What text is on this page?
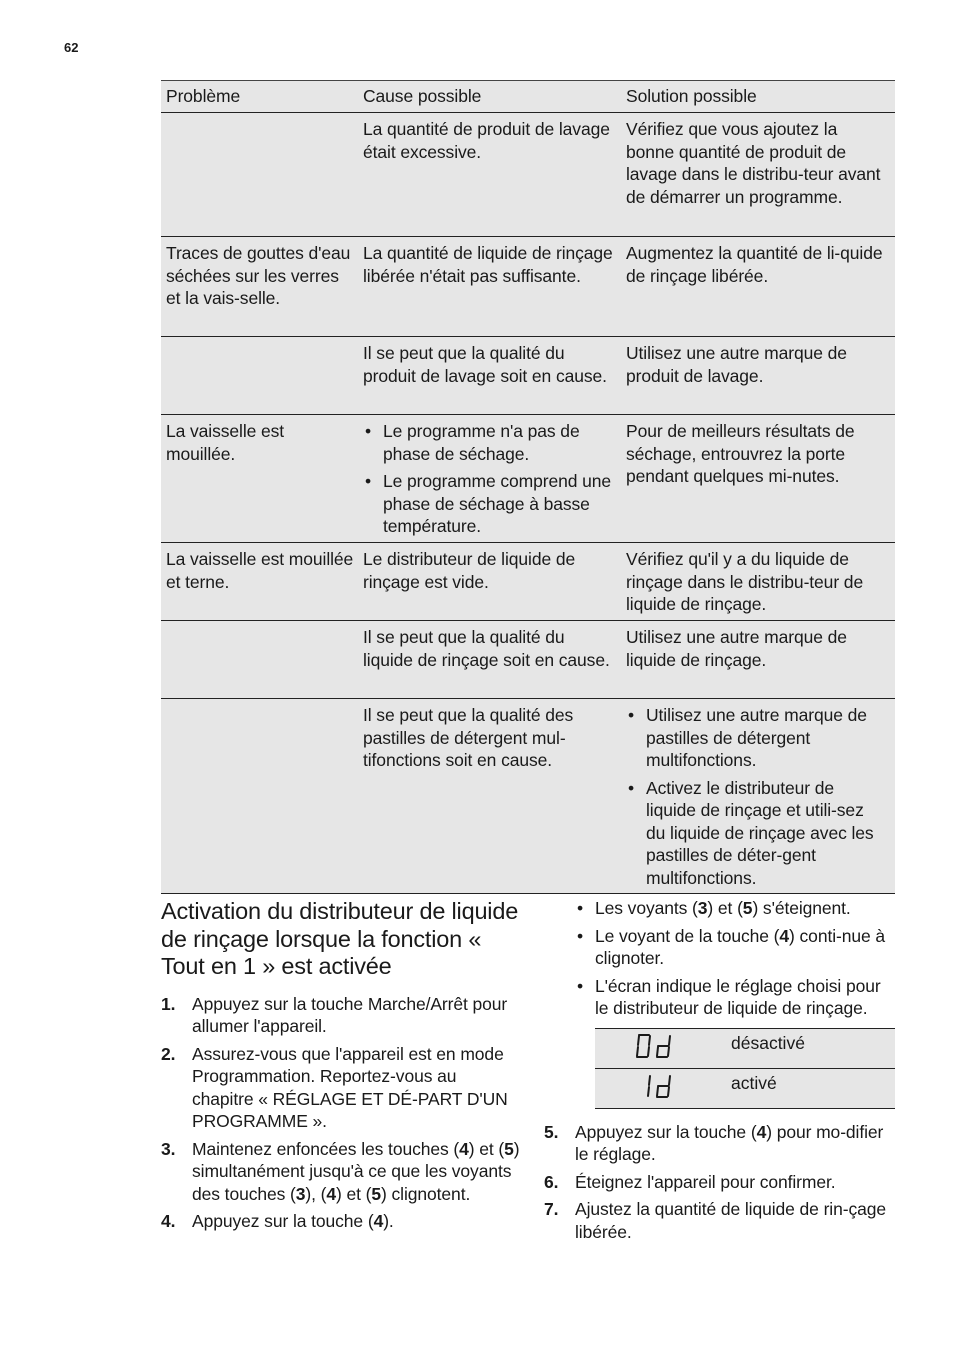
62
Problème	Cause possible	Solution possible
La quantité de produit de lavage était excessive.
Vérifiez que vous ajoutez la bonne quantité de produit de lavage dans le distribu-teur avant de démarrer un programme.
Traces de gouttes d'eau séchées sur les verres et la vais-selle.
La quantité de liquide de rinçage libérée n'était pas suffisante.
Augmentez la quantité de li-quide de rinçage libérée.
Il se peut que la qualité du produit de lavage soit en cause.
Utilisez une autre marque de produit de lavage.
La vaisselle est mouillée.
• Le programme n'a pas de phase de séchage.
• Le programme comprend une phase de séchage à basse température.
Pour de meilleurs résultats de séchage, entrouvrez la porte pendant quelques mi-nutes.
La vaisselle est mouillée et terne.
Le distributeur de liquide de rinçage est vide.
Vérifiez qu'il y a du liquide de rinçage dans le distribu-teur de liquide de rinçage.
Il se peut que la qualité du liquide de rinçage soit en cause.
Utilisez une autre marque de liquide de rinçage.
Il se peut que la qualité des pastilles de détergent mul-tifonctions soit en cause.
• Utilisez une autre marque de pastilles de détergent multifonctions.
• Activez le distributeur de liquide de rinçage et utili-sez du liquide de rinçage avec les pastilles de déter-gent multifonctions.
Activation du distributeur de liquide de rinçage lorsque la fonction « Tout en 1 » est activée
1. Appuyez sur la touche Marche/Arrêt pour allumer l'appareil.
2. Assurez-vous que l'appareil est en mode Programmation. Reportez-vous au chapitre « RÉGLAGE ET DÉ-PART D'UN PROGRAMME ».
3. Maintenez enfoncées les touches (4) et (5) simultanément jusqu'à ce que les voyants des touches (3), (4) et (5) clignotent.
4. Appuyez sur la touche (4).
• Les voyants (3) et (5) s'éteignent.
• Le voyant de la touche (4) conti-nue à clignoter.
• L'écran indique le réglage choisi pour le distributeur de liquide de rinçage.
désactivé
activé
5. Appuyez sur la touche (4) pour mo-difier le réglage.
6. Éteignez l'appareil pour confirmer.
7. Ajustez la quantité de liquide de rin-çage libérée.
